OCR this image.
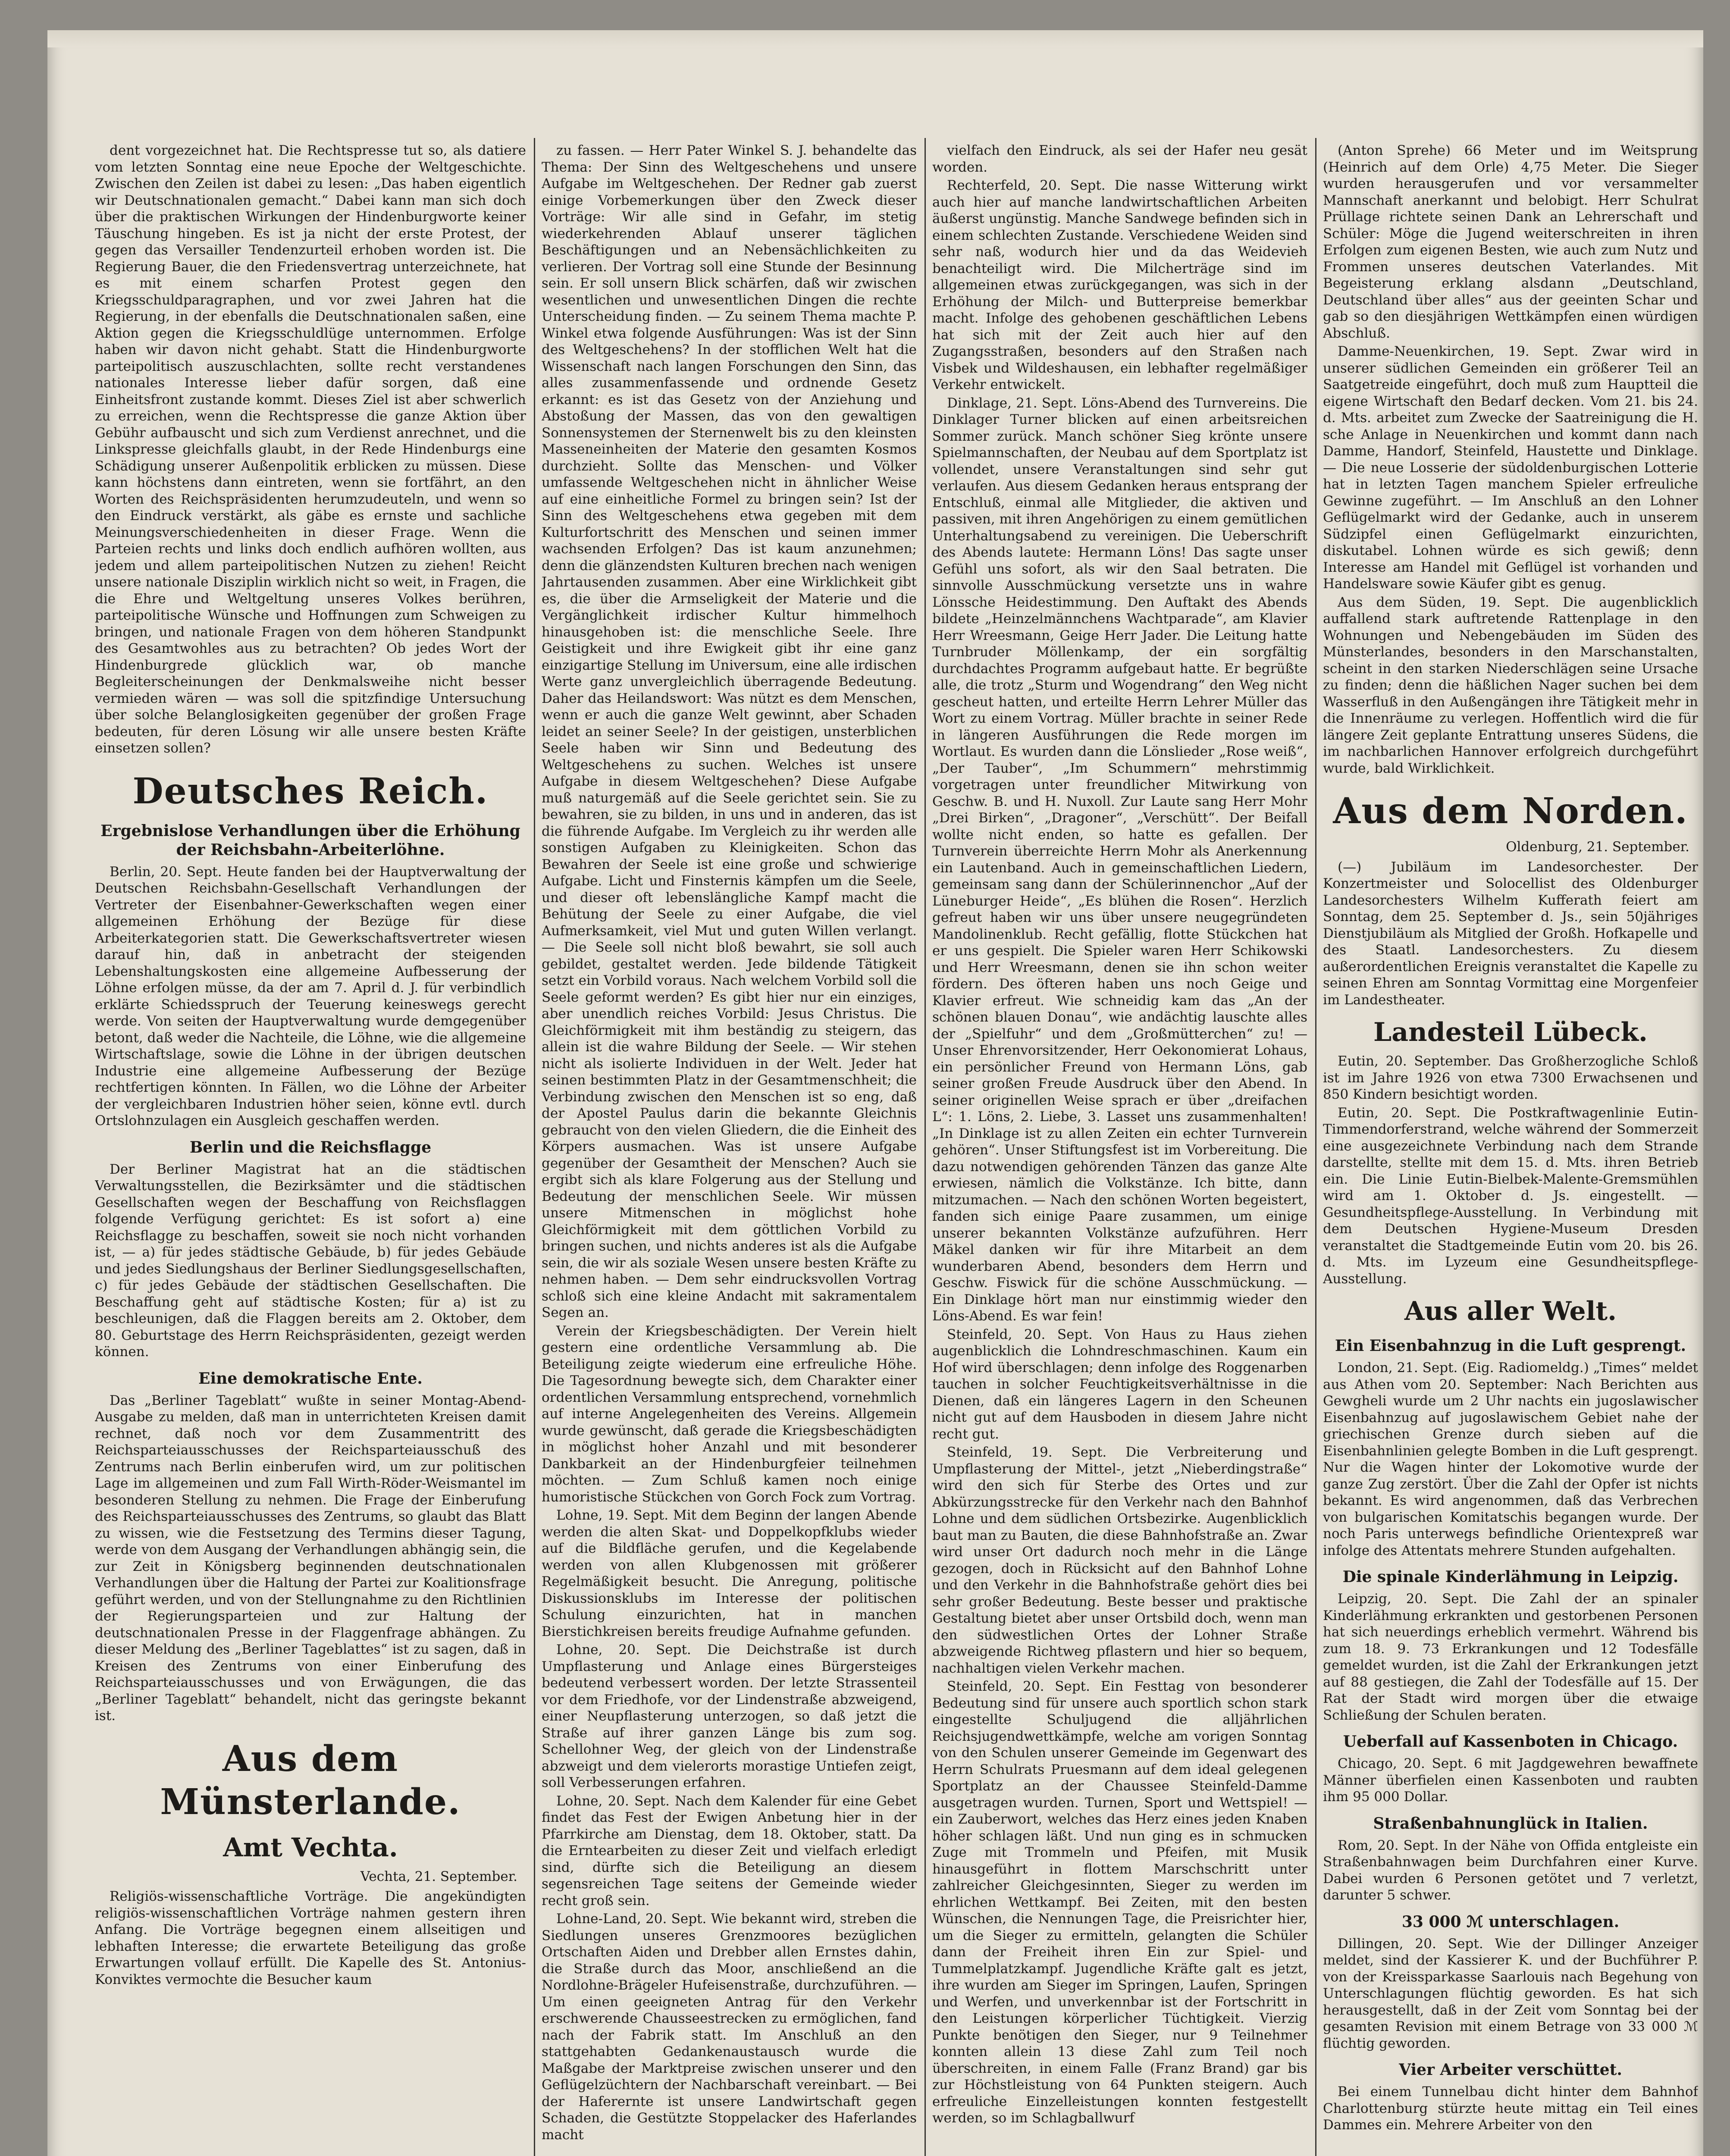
dent vorgezeichnet hat. Die Rechtspresse tut so, als datiere vom letzten Sonntag eine neue Epoche der Weltgeschichte. Zwischen den Zeilen ist dabei zu lesen: „Das haben eigentlich wir Deutschnationalen gemacht.“ Dabei kann man sich doch über die praktischen Wirkungen der Hindenburgworte keiner Täuschung hingeben. Es ist ja nicht der erste Protest, der gegen das Versailler Tendenzurteil erhoben worden ist. Die Regierung Bauer, die den Friedensvertrag unterzeichnete, hat es mit einem scharfen Protest gegen den Kriegsschuldparagraphen, und vor zwei Jahren hat die Regierung, in der ebenfalls die Deutschnationalen saßen, eine Aktion gegen die Kriegsschuldlüge unternommen. Erfolge haben wir davon nicht gehabt. Statt die Hindenburgworte parteipolitisch auszuschlachten, sollte recht verstandenes nationales Interesse lieber dafür sorgen, daß eine Einheitsfront zustande kommt. Dieses Ziel ist aber schwerlich zu erreichen, wenn die Rechtspresse die ganze Aktion über Gebühr aufbauscht und sich zum Verdienst anrechnet, und die Linkspresse gleichfalls glaubt, in der Rede Hindenburgs eine Schädigung unserer Außenpolitik erblicken zu müssen. Diese kann höchstens dann eintreten, wenn sie fortfährt, an den Worten des Reichspräsidenten herumzudeuteln, und wenn so den Eindruck verstärkt, als gäbe es ernste und sachliche Meinungsverschiedenheiten in dieser Frage. Wenn die Parteien rechts und links doch endlich aufhören wollten, aus jedem und allem parteipolitischen Nutzen zu ziehen! Reicht unsere nationale Disziplin wirklich nicht so weit, in Fragen, die die Ehre und Weltgeltung unseres Volkes berühren, parteipolitische Wünsche und Hoffnungen zum Schweigen zu bringen, und nationale Fragen von dem höheren Standpunkt des Gesamtwohles aus zu betrachten? Ob jedes Wort der Hindenburgrede glücklich war, ob manche Begleiterscheinungen der Denkmalsweihe nicht besser vermieden wären — was soll die spitzfindige Untersuchung über solche Belanglosigkeiten gegenüber der großen Frage bedeuten, für deren Lösung wir alle unsere besten Kräfte einsetzen sollen?

Deutsches Reich.
Ergebnislose Verhandlungen über die Erhöhung der Reichsbahn-Arbeiterlöhne.

Berlin, 20. Sept. Heute fanden bei der Hauptverwaltung der Deutschen Reichsbahn-Gesellschaft Verhandlungen der Vertreter der Eisenbahner-Gewerkschaften wegen einer allgemeinen Erhöhung der Bezüge für diese Arbeiterkategorien statt. Die Gewerkschaftsvertreter wiesen darauf hin, daß in anbetracht der steigenden Lebenshaltungskosten eine allgemeine Aufbesserung der Löhne erfolgen müsse, da der am 7. April d. J. für verbindlich erklärte Schiedsspruch der Teuerung keineswegs gerecht werde. Von seiten der Hauptverwaltung wurde demgegenüber betont, daß weder die Nachteile, die Löhne, wie die allgemeine Wirtschaftslage, sowie die Löhne in der übrigen deutschen Industrie eine allgemeine Aufbesserung der Bezüge rechtfertigen könnten. In Fällen, wo die Löhne der Arbeiter der vergleichbaren Industrien höher seien, könne evtl. durch Ortslohnzulagen ein Ausgleich geschaffen werden.

Berlin und die Reichsflagge

Der Berliner Magistrat hat an die städtischen Verwaltungsstellen, die Bezirksämter und die städtischen Gesellschaften wegen der Beschaffung von Reichsflaggen folgende Verfügung gerichtet: Es ist sofort a) eine Reichsflagge zu beschaffen, soweit sie noch nicht vorhanden ist, — a) für jedes städtische Gebäude, b) für jedes Gebäude und jedes Siedlungshaus der Berliner Siedlungsgesellschaften, c) für jedes Gebäude der städtischen Gesellschaften. Die Beschaffung geht auf städtische Kosten; für a) ist zu beschleunigen, daß die Flaggen bereits am 2. Oktober, dem 80. Geburtstage des Herrn Reichspräsidenten, gezeigt werden können.

Eine demokratische Ente.

Das „Berliner Tageblatt“ wußte in seiner Montag-Abend-Ausgabe zu melden, daß man in unterrichteten Kreisen damit rechnet, daß noch vor dem Zusammentritt des Reichsparteiausschusses der Reichsparteiausschuß des Zentrums nach Berlin einberufen wird, um zur politischen Lage im allgemeinen und zum Fall Wirth-Röder-Weismantel im besonderen Stellung zu nehmen. Die Frage der Einberufung des Reichsparteiausschusses des Zentrums, so glaubt das Blatt zu wissen, wie die Festsetzung des Termins dieser Tagung, werde von dem Ausgang der Verhandlungen abhängig sein, die zur Zeit in Königsberg beginnenden deutschnationalen Verhandlungen über die Haltung der Partei zur Koalitionsfrage geführt werden, und von der Stellungnahme zu den Richtlinien der Regierungsparteien und zur Haltung der deutschnationalen Presse in der Flaggenfrage abhängen. Zu dieser Meldung des „Berliner Tageblattes“ ist zu sagen, daß in Kreisen des Zentrums von einer Einberufung des Reichsparteiausschusses und von Erwägungen, die das „Berliner Tageblatt“ behandelt, nicht das geringste bekannt ist.

Aus dem Münsterlande.
Amt Vechta.
Vechta, 21. September.

Religiös-wissenschaftliche Vorträge. Die angekündigten religiös-wissenschaftlichen Vorträge nahmen gestern ihren Anfang. Die Vorträge begegnen einem allseitigen und lebhaften Interesse; die erwartete Beteiligung das große Erwartungen vollauf erfüllt. Die Kapelle des St. Antonius-Konviktes vermochte die Besucher kaum

zu fassen. — Herr Pater Winkel S. J. behandelte das Thema: Der Sinn des Weltgeschehens und unsere Aufgabe im Weltgeschehen. Der Redner gab zuerst einige Vorbemerkungen über den Zweck dieser Vorträge: Wir alle sind in Gefahr, im stetig wiederkehrenden Ablauf unserer täglichen Beschäftigungen und an Nebensächlichkeiten zu verlieren. Der Vortrag soll eine Stunde der Besinnung sein. Er soll unsern Blick schärfen, daß wir zwischen wesentlichen und unwesentlichen Dingen die rechte Unterscheidung finden. — Zu seinem Thema machte P. Winkel etwa folgende Ausführungen: Was ist der Sinn des Weltgeschehens? In der stofflichen Welt hat die Wissenschaft nach langen Forschungen den Sinn, das alles zusammenfassende und ordnende Gesetz erkannt: es ist das Gesetz von der Anziehung und Abstoßung der Massen, das von den gewaltigen Sonnensystemen der Sternenwelt bis zu den kleinsten Masseneinheiten der Materie den gesamten Kosmos durchzieht. Sollte das Menschen- und Völker umfassende Weltgeschehen nicht in ähnlicher Weise auf eine einheitliche Formel zu bringen sein? Ist der Sinn des Weltgeschehens etwa gegeben mit dem Kulturfortschritt des Menschen und seinen immer wachsenden Erfolgen? Das ist kaum anzunehmen; denn die glänzendsten Kulturen brechen nach wenigen Jahrtausenden zusammen. Aber eine Wirklichkeit gibt es, die über die Armseligkeit der Materie und die Vergänglichkeit irdischer Kultur himmelhoch hinausgehoben ist: die menschliche Seele. Ihre Geistigkeit und ihre Ewigkeit gibt ihr eine ganz einzigartige Stellung im Universum, eine alle irdischen Werte ganz unvergleichlich überragende Bedeutung. Daher das Heilandswort: Was nützt es dem Menschen, wenn er auch die ganze Welt gewinnt, aber Schaden leidet an seiner Seele? In der geistigen, unsterblichen Seele haben wir Sinn und Bedeutung des Weltgeschehens zu suchen. Welches ist unsere Aufgabe in diesem Weltgeschehen? Diese Aufgabe muß naturgemäß auf die Seele gerichtet sein. Sie zu bewahren, sie zu bilden, in uns und in anderen, das ist die führende Aufgabe. Im Vergleich zu ihr werden alle sonstigen Aufgaben zu Kleinigkeiten. Schon das Bewahren der Seele ist eine große und schwierige Aufgabe. Licht und Finsternis kämpfen um die Seele, und dieser oft lebenslängliche Kampf macht die Behütung der Seele zu einer Aufgabe, die viel Aufmerksamkeit, viel Mut und guten Willen verlangt. — Die Seele soll nicht bloß bewahrt, sie soll auch gebildet, gestaltet werden. Jede bildende Tätigkeit setzt ein Vorbild voraus. Nach welchem Vorbild soll die Seele geformt werden? Es gibt hier nur ein einziges, aber unendlich reiches Vorbild: Jesus Christus. Die Gleichförmigkeit mit ihm beständig zu steigern, das allein ist die wahre Bildung der Seele. — Wir stehen nicht als isolierte Individuen in der Welt. Jeder hat seinen bestimmten Platz in der Gesamtmenschheit; die Verbindung zwischen den Menschen ist so eng, daß der Apostel Paulus darin die bekannte Gleichnis gebraucht von den vielen Gliedern, die die Einheit des Körpers ausmachen. Was ist unsere Aufgabe gegenüber der Gesamtheit der Menschen? Auch sie ergibt sich als klare Folgerung aus der Stellung und Bedeutung der menschlichen Seele. Wir müssen unsere Mitmenschen in möglichst hohe Gleichförmigkeit mit dem göttlichen Vorbild zu bringen suchen, und nichts anderes ist als die Aufgabe sein, die wir als soziale Wesen unsere besten Kräfte zu nehmen haben. — Dem sehr eindrucksvollen Vortrag schloß sich eine kleine Andacht mit sakramentalem Segen an.

Verein der Kriegsbeschädigten. Der Verein hielt gestern eine ordentliche Versammlung ab. Die Beteiligung zeigte wiederum eine erfreuliche Höhe. Die Tagesordnung bewegte sich, dem Charakter einer ordentlichen Versammlung entsprechend, vornehmlich auf interne Angelegenheiten des Vereins. Allgemein wurde gewünscht, daß gerade die Kriegsbeschädigten in möglichst hoher Anzahl und mit besonderer Dankbarkeit an der Hindenburgfeier teilnehmen möchten. — Zum Schluß kamen noch einige humoristische Stückchen von Gorch Fock zum Vortrag.

Lohne, 19. Sept. Mit dem Beginn der langen Abende werden die alten Skat- und Doppelkopfklubs wieder auf die Bildfläche gerufen, und die Kegelabende werden von allen Klubgenossen mit größerer Regelmäßigkeit besucht. Die Anregung, politische Diskussionsklubs im Interesse der politischen Schulung einzurichten, hat in manchen Bierstichkreisen bereits freudige Aufnahme gefunden.

Lohne, 20. Sept. Die Deichstraße ist durch Umpflasterung und Anlage eines Bürgersteiges bedeutend verbessert worden. Der letzte Strassenteil vor dem Friedhofe, vor der Lindenstraße abzweigend, einer Neupflasterung unterzogen, so daß jetzt die Straße auf ihrer ganzen Länge bis zum sog. Schellohner Weg, der gleich von der Lindenstraße abzweigt und dem vielerorts morastige Untiefen zeigt, soll Verbesserungen erfahren.

Lohne, 20. Sept. Nach dem Kalender für eine Gebet findet das Fest der Ewigen Anbetung hier in der Pfarrkirche am Dienstag, dem 18. Oktober, statt. Da die Erntearbeiten zu dieser Zeit und vielfach erledigt sind, dürfte sich die Beteiligung an diesem segensreichen Tage seitens der Gemeinde wieder recht groß sein.

Lohne-Land, 20. Sept. Wie bekannt wird, streben die Siedlungen unseres Grenzmoores bezüglichen Ortschaften Aiden und Drebber allen Ernstes dahin, die Straße durch das Moor, anschließend an die Nordlohne-Brägeler Hufeisenstraße, durchzuführen. — Um einen geeigneten Antrag für den Verkehr erschwerende Chausseestrecken zu ermöglichen, fand nach der Fabrik statt. Im Anschluß an den stattgehabten Gedankenaustausch wurde die Maßgabe der Marktpreise zwischen unserer und den Geflügelzüchtern der Nachbarschaft vereinbart. — Bei der Haferernte ist unsere Landwirtschaft gegen Schaden, die Gestützte Stoppelacker des Haferlandes macht

vielfach den Eindruck, als sei der Hafer neu gesät worden.

Rechterfeld, 20. Sept. Die nasse Witterung wirkt auch hier auf manche landwirtschaftlichen Arbeiten äußerst ungünstig. Manche Sandwege befinden sich in einem schlechten Zustande. Verschiedene Weiden sind sehr naß, wodurch hier und da das Weidevieh benachteiligt wird. Die Milcherträge sind im allgemeinen etwas zurückgegangen, was sich in der Erhöhung der Milch- und Butterpreise bemerkbar macht. Infolge des gehobenen geschäftlichen Lebens hat sich mit der Zeit auch hier auf den Zugangsstraßen, besonders auf den Straßen nach Visbek und Wildeshausen, ein lebhafter regelmäßiger Verkehr entwickelt.

Dinklage, 21. Sept. Löns-Abend des Turnvereins. Die Dinklager Turner blicken auf einen arbeitsreichen Sommer zurück. Manch schöner Sieg krönte unsere Spielmannschaften, der Neubau auf dem Sportplatz ist vollendet, unsere Veranstaltungen sind sehr gut verlaufen. Aus diesem Gedanken heraus entsprang der Entschluß, einmal alle Mitglieder, die aktiven und passiven, mit ihren Angehörigen zu einem gemütlichen Unterhaltungsabend zu vereinigen. Die Ueberschrift des Abends lautete: Hermann Löns! Das sagte unser Gefühl uns sofort, als wir den Saal betraten. Die sinnvolle Ausschmückung versetzte uns in wahre Lönssche Heidestimmung. Den Auftakt des Abends bildete „Heinzelmännchens Wachtparade“, am Klavier Herr Wreesmann, Geige Herr Jader. Die Leitung hatte Turnbruder Möllenkamp, der ein sorgfältig durchdachtes Programm aufgebaut hatte. Er begrüßte alle, die trotz „Sturm und Wogendrang“ den Weg nicht gescheut hatten, und erteilte Herrn Lehrer Müller das Wort zu einem Vortrag. Müller brachte in seiner Rede in längeren Ausführungen die Rede morgen im Wortlaut. Es wurden dann die Lönslieder „Rose weiß“, „Der Tauber“, „Im Schummern“ mehrstimmig vorgetragen unter freundlicher Mitwirkung von Geschw. B. und H. Nuxoll. Zur Laute sang Herr Mohr „Drei Birken“, „Dragoner“, „Verschütt“. Der Beifall wollte nicht enden, so hatte es gefallen. Der Turnverein überreichte Herrn Mohr als Anerkennung ein Lautenband. Auch in gemeinschaftlichen Liedern, gemeinsam sang dann der Schülerinnenchor „Auf der Lüneburger Heide“, „Es blühen die Rosen“. Herzlich gefreut haben wir uns über unsere neugegründeten Mandolinenklub. Recht gefällig, flotte Stückchen hat er uns gespielt. Die Spieler waren Herr Schikowski und Herr Wreesmann, denen sie ihn schon weiter fördern. Des öfteren haben uns noch Geige und Klavier erfreut. Wie schneidig kam das „An der schönen blauen Donau“, wie andächtig lauschte alles der „Spielfuhr“ und dem „Großmütterchen“ zu! — Unser Ehrenvorsitzender, Herr Oekonomierat Lohaus, ein persönlicher Freund von Hermann Löns, gab seiner großen Freude Ausdruck über den Abend. In seiner originellen Weise sprach er über „dreifachen L“: 1. Löns, 2. Liebe, 3. Lasset uns zusammenhalten! „In Dinklage ist zu allen Zeiten ein echter Turnverein gehören“. Unser Stiftungsfest ist im Vorbereitung. Die dazu notwendigen gehörenden Tänzen das ganze Alte erwiesen, nämlich die Volkstänze. Ich bitte, dann mitzumachen. — Nach den schönen Worten begeistert, fanden sich einige Paare zusammen, um einige unserer bekannten Volkstänze aufzuführen. Herr Mäkel danken wir für ihre Mitarbeit an dem wunderbaren Abend, besonders dem Herrn und Geschw. Fiswick für die schöne Ausschmückung. — Ein Dinklage hört man nur einstimmig wieder den Löns-Abend. Es war fein!

Steinfeld, 20. Sept. Von Haus zu Haus ziehen augenblicklich die Lohndreschmaschinen. Kaum ein Hof wird überschlagen; denn infolge des Roggenarben tauchen in solcher Feuchtigkeitsverhältnisse in die Dienen, daß ein längeres Lagern in den Scheunen nicht gut auf dem Hausboden in diesem Jahre nicht recht gut.

Steinfeld, 19. Sept. Die Verbreiterung und Umpflasterung der Mittel-, jetzt „Nieberdingstraße“ wird den sich für Sterbe des Ortes und zur Abkürzungsstrecke für den Verkehr nach den Bahnhof Lohne und dem südlichen Ortsbezirke. Augenblicklich baut man zu Bauten, die diese Bahnhofstraße an. Zwar wird unser Ort dadurch noch mehr in die Länge gezogen, doch in Rücksicht auf den Bahnhof Lohne und den Verkehr in die Bahnhofstraße gehört dies bei sehr großer Bedeutung. Beste besser und praktische Gestaltung bietet aber unser Ortsbild doch, wenn man den südwestlichen Ortes der Lohner Straße abzweigende Richtweg pflastern und hier so bequem, nachhaltigen vielen Verkehr machen.

Steinfeld, 20. Sept. Ein Festtag von besonderer Bedeutung sind für unsere auch sportlich schon stark eingestellte Schuljugend die alljährlichen Reichsjugendwettkämpfe, welche am vorigen Sonntag von den Schulen unserer Gemeinde im Gegenwart des Herrn Schulrats Pruesmann auf dem ideal gelegenen Sportplatz an der Chaussee Steinfeld-Damme ausgetragen wurden. Turnen, Sport und Wettspiel! — ein Zauberwort, welches das Herz eines jeden Knaben höher schlagen läßt. Und nun ging es in schmucken Zuge mit Trommeln und Pfeifen, mit Musik hinausgeführt in flottem Marschschritt unter zahlreicher Gleichgesinnten, Sieger zu werden im ehrlichen Wettkampf. Bei Zeiten, mit den besten Wünschen, die Nennungen Tage, die Preisrichter hier, um die Sieger zu ermitteln, gelangten die Schüler dann der Freiheit ihren Ein zur Spiel- und Tummelplatzkampf. Jugendliche Kräfte galt es jetzt, ihre wurden am Sieger im Springen, Laufen, Springen und Werfen, und unverkennbar ist der Fortschritt in den Leistungen körperlicher Tüchtigkeit. Vierzig Punkte benötigen den Sieger, nur 9 Teilnehmer konnten allein 13 diese Zahl zum Teil noch überschreiten, in einem Falle (Franz Brand) gar bis zur Höchstleistung von 64 Punkten steigern. Auch erfreuliche Einzelleistungen konnten festgestellt werden, so im Schlagballwurf

(Anton Sprehe) 66 Meter und im Weitsprung (Heinrich auf dem Orle) 4,75 Meter. Die Sieger wurden herausgerufen und vor versammelter Mannschaft anerkannt und belobigt. Herr Schulrat Prüllage richtete seinen Dank an Lehrerschaft und Schüler: Möge die Jugend weiterschreiten in ihren Erfolgen zum eigenen Besten, wie auch zum Nutz und Frommen unseres deutschen Vaterlandes. Mit Begeisterung erklang alsdann „Deutschland, Deutschland über alles“ aus der geeinten Schar und gab so den diesjährigen Wettkämpfen einen würdigen Abschluß.

Damme-Neuenkirchen, 19. Sept. Zwar wird in unserer südlichen Gemeinden ein größerer Teil an Saatgetreide eingeführt, doch muß zum Hauptteil die eigene Wirtschaft den Bedarf decken. Vom 21. bis 24. d. Mts. arbeitet zum Zwecke der Saatreinigung die H. sche Anlage in Neuenkirchen und kommt dann nach Damme, Handorf, Steinfeld, Haustette und Dinklage. — Die neue Losserie der südoldenburgischen Lotterie hat in letzten Tagen manchem Spieler erfreuliche Gewinne zugeführt. — Im Anschluß an den Lohner Geflügelmarkt wird der Gedanke, auch in unserem Südzipfel einen Geflügelmarkt einzurichten, diskutabel. Lohnen würde es sich gewiß; denn Interesse am Handel mit Geflügel ist vorhanden und Handelsware sowie Käufer gibt es genug.

Aus dem Süden, 19. Sept. Die augenblicklich auffallend stark auftretende Rattenplage in den Wohnungen und Nebengebäuden im Süden des Münsterlandes, besonders in den Marschanstalten, scheint in den starken Niederschlägen seine Ursache zu finden; denn die häßlichen Nager suchen bei dem Wasserfluß in den Außengängen ihre Tätigkeit mehr in die Innenräume zu verlegen. Hoffentlich wird die für längere Zeit geplante Entrattung unseres Südens, die im nachbarlichen Hannover erfolgreich durchgeführt wurde, bald Wirklichkeit.

Aus dem Norden.
Oldenburg, 21. September.

(—) Jubiläum im Landesorchester. Der Konzertmeister und Solocellist des Oldenburger Landesorchesters Wilhelm Kufferath feiert am Sonntag, dem 25. September d. Js., sein 50jähriges Dienstjubiläum als Mitglied der Großh. Hofkapelle und des Staatl. Landesorchesters. Zu diesem außerordentlichen Ereignis veranstaltet die Kapelle zu seinen Ehren am Sonntag Vormittag eine Morgenfeier im Landestheater.

Landesteil Lübeck.

Eutin, 20. September. Das Großherzogliche Schloß ist im Jahre 1926 von etwa 7300 Erwachsenen und 850 Kindern besichtigt worden.

Eutin, 20. Sept. Die Postkraftwagenlinie Eutin-Timmendorferstrand, welche während der Sommerzeit eine ausgezeichnete Verbindung nach dem Strande darstellte, stellte mit dem 15. d. Mts. ihren Betrieb ein. Die Linie Eutin-Bielbek-Malente-Gremsmühlen wird am 1. Oktober d. Js. eingestellt. — Gesundheitspflege-Ausstellung. In Verbindung mit dem Deutschen Hygiene-Museum Dresden veranstaltet die Stadtgemeinde Eutin vom 20. bis 26. d. Mts. im Lyzeum eine Gesundheitspflege-Ausstellung.

Aus aller Welt.
Ein Eisenbahnzug in die Luft gesprengt.

London, 21. Sept. (Eig. Radiomeldg.) „Times“ meldet aus Athen vom 20. September: Nach Berichten aus Gewgheli wurde um 2 Uhr nachts ein jugoslawischer Eisenbahnzug auf jugoslawischem Gebiet nahe der griechischen Grenze durch sieben auf die Eisenbahnlinien gelegte Bomben in die Luft gesprengt. Nur die Wagen hinter der Lokomotive wurde der ganze Zug zerstört. Über die Zahl der Opfer ist nichts bekannt. Es wird angenommen, daß das Verbrechen von bulgarischen Komitatschis begangen wurde. Der noch Paris unterwegs befindliche Orientexpreß war infolge des Attentats mehrere Stunden aufgehalten.

Die spinale Kinderlähmung in Leipzig.

Leipzig, 20. Sept. Die Zahl der an spinaler Kinderlähmung erkrankten und gestorbenen Personen hat sich neuerdings erheblich vermehrt. Während bis zum 18. 9. 73 Erkrankungen und 12 Todesfälle gemeldet wurden, ist die Zahl der Erkrankungen jetzt auf 88 gestiegen, die Zahl der Todesfälle auf 15. Der Rat der Stadt wird morgen über die etwaige Schließung der Schulen beraten.

Ueberfall auf Kassenboten in Chicago.

Chicago, 20. Sept. 6 mit Jagdgewehren bewaffnete Männer überfielen einen Kassenboten und raubten ihm 95 000 Dollar.

Straßenbahnunglück in Italien.

Rom, 20. Sept. In der Nähe von Offida entgleiste ein Straßenbahnwagen beim Durchfahren einer Kurve. Dabei wurden 6 Personen getötet und 7 verletzt, darunter 5 schwer.

33 000 ℳ unterschlagen.

Dillingen, 20. Sept. Wie der Dillinger Anzeiger meldet, sind der Kassierer K. und der Buchführer P. von der Kreissparkasse Saarlouis nach Begehung von Unterschlagungen flüchtig geworden. Es hat sich herausgestellt, daß in der Zeit vom Sonntag bei der gesamten Revision mit einem Betrage von 33 000 ℳ flüchtig geworden.

Vier Arbeiter verschüttet.

Bei einem Tunnelbau dicht hinter dem Bahnhof Charlottenburg stürzte heute mittag ein Teil eines Dammes ein. Mehrere Arbeiter von den
